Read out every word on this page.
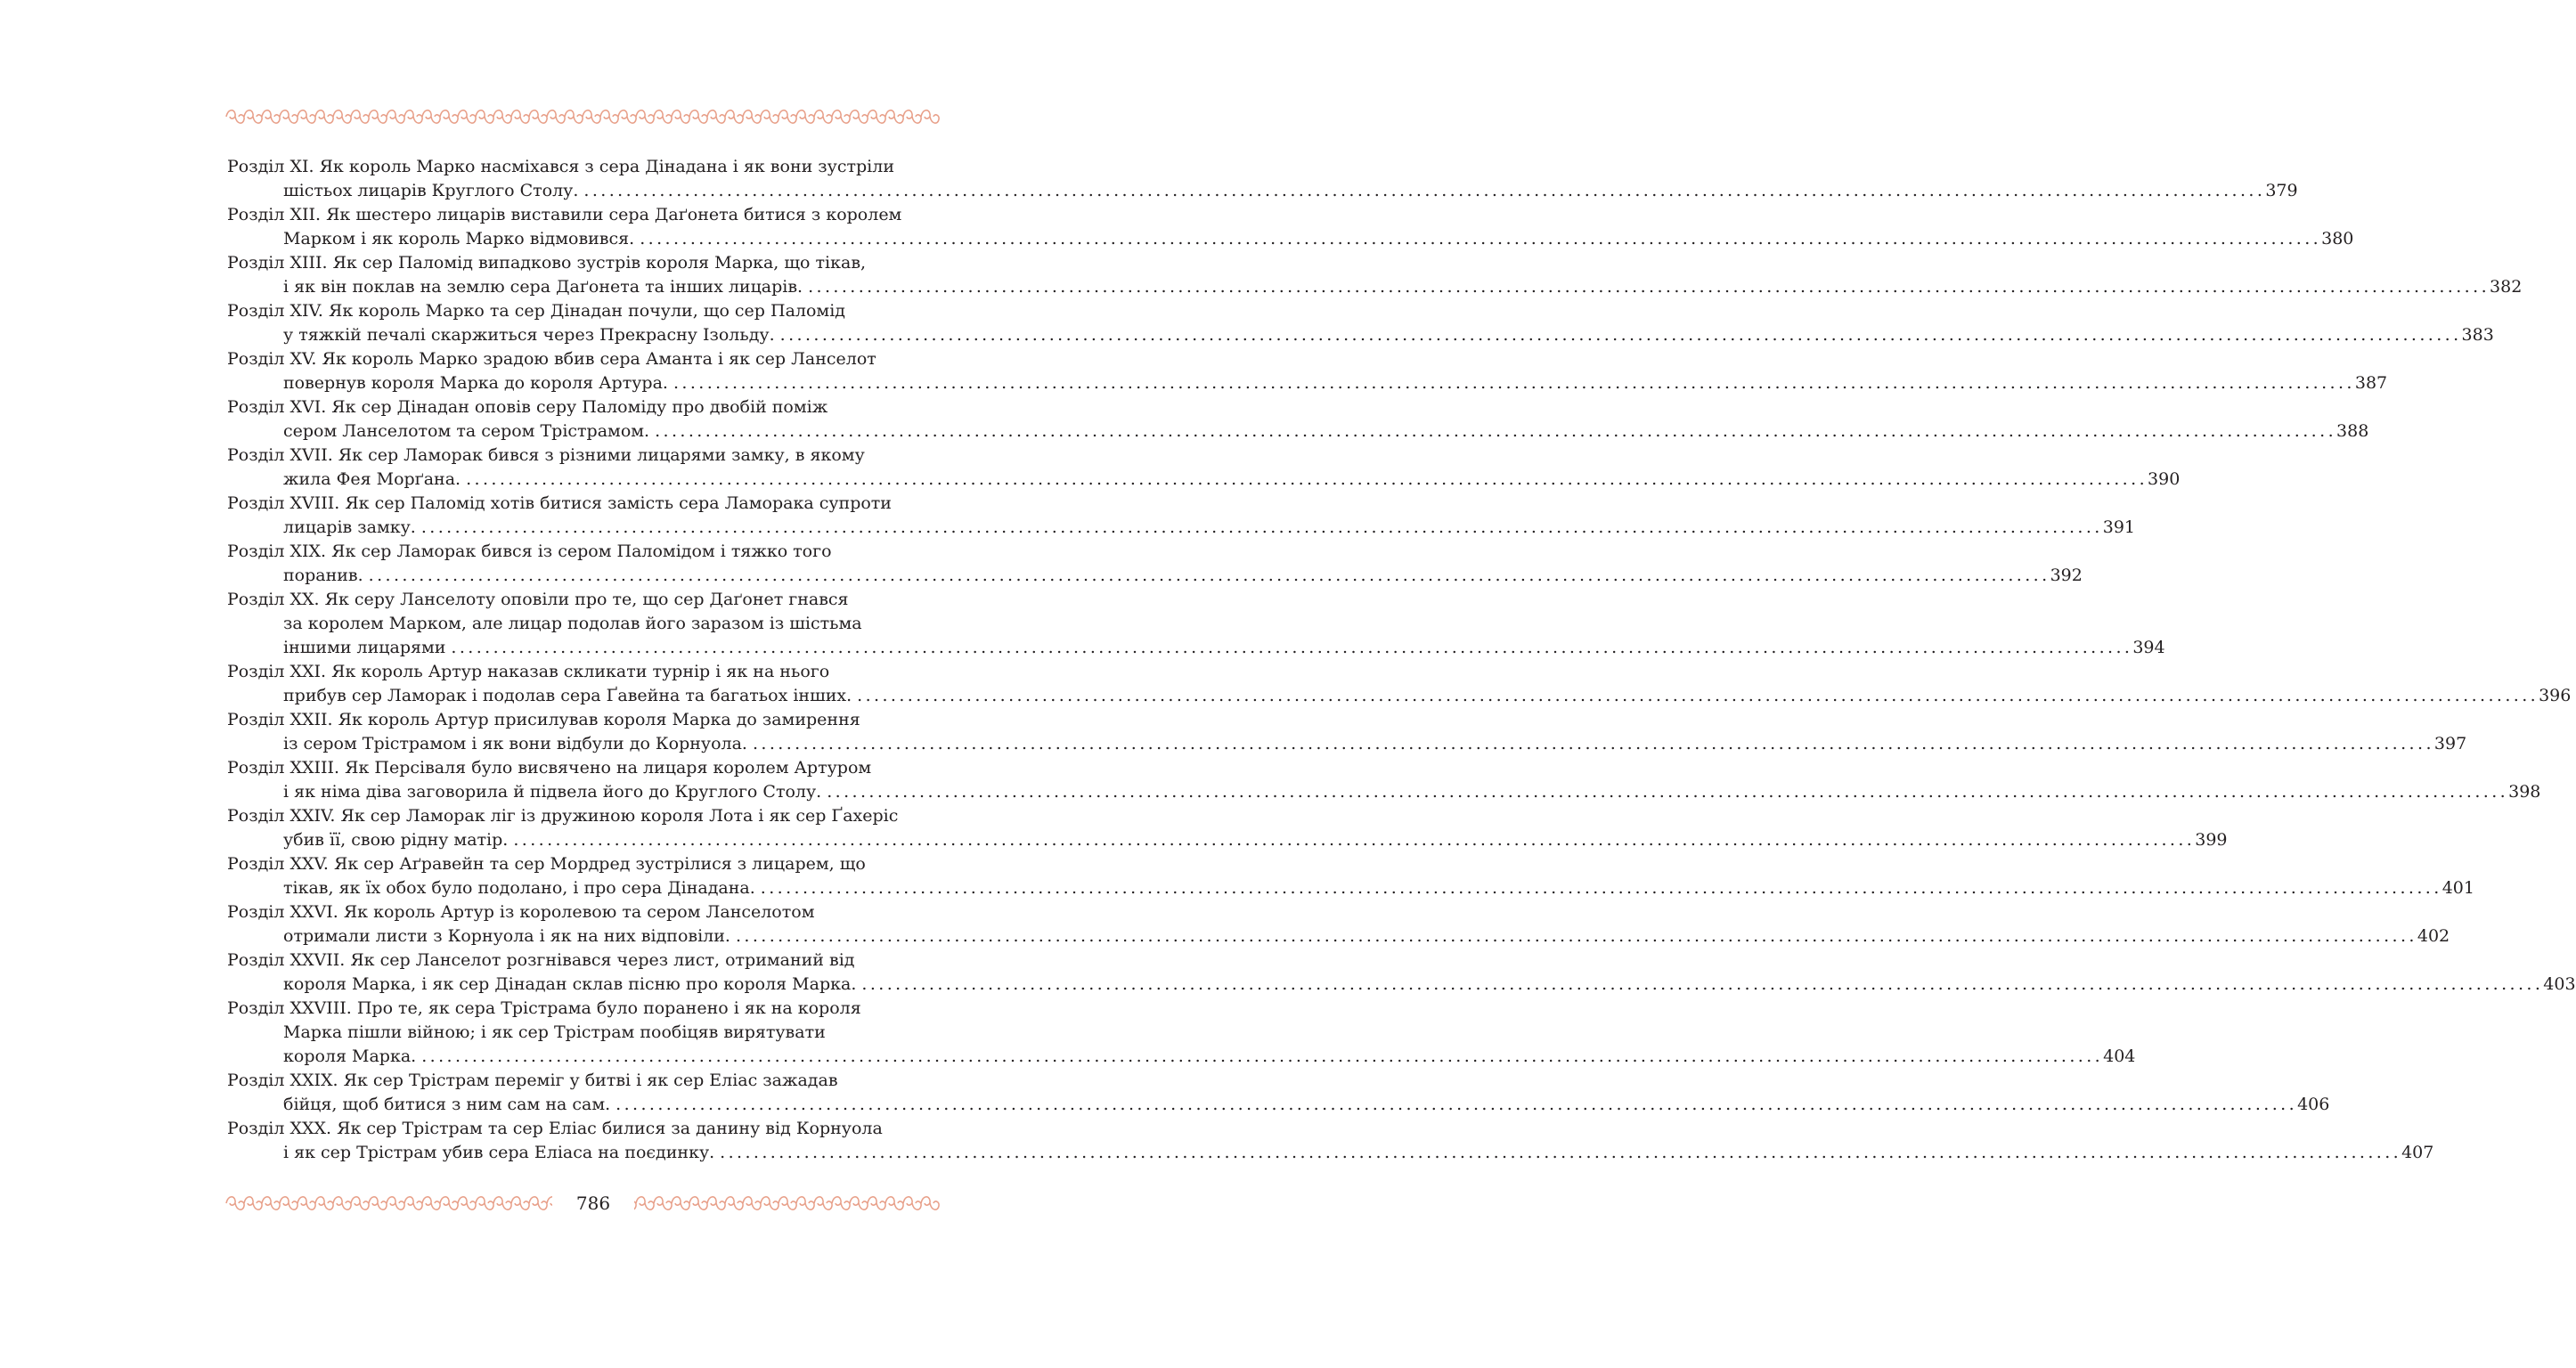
Розділ XI. Як король Марко насміхався з сера Дінадана і як вони зустріли
шістьох лицарів Круглого Столу. ........................................................................................................................................................................................................ 379
Розділ XII. Як шестеро лицарів виставили сера Даґонета битися з королем
Марком і як король Марко відмовився. ........................................................................................................................................................................................................ 380
Розділ XIII. Як сер Паломід випадково зустрів короля Марка, що тікав,
і як він поклав на землю сера Даґонета та інших лицарів. ........................................................................................................................................................................................................ 382
Розділ XIV. Як король Марко та сер Дінадан почули, що сер Паломід
у тяжкій печалі скаржиться через Прекрасну Ізольду. ........................................................................................................................................................................................................ 383
Розділ XV. Як король Марко зрадою вбив сера Аманта і як сер Ланселот
повернув короля Марка до короля Артура. ........................................................................................................................................................................................................ 387
Розділ XVI. Як сер Дінадан оповів серу Паломіду про двобій поміж
сером Ланселотом та сером Трістрамом. ........................................................................................................................................................................................................ 388
Розділ XVII. Як сер Ламорак бився з різними лицарями замку, в якому
жила Фея Морґана. ........................................................................................................................................................................................................ 390
Розділ XVIII. Як сер Паломід хотів битися замість сера Ламорака супроти
лицарів замку. ........................................................................................................................................................................................................ 391
Розділ XIX. Як сер Ламорак бився із сером Паломідом і тяжко того
поранив. ........................................................................................................................................................................................................ 392
Розділ XX. Як серу Ланселоту оповіли про те, що сер Даґонет гнався
за королем Марком, але лицар подолав його заразом із шістьма
іншими лицарями ........................................................................................................................................................................................................ 394
Розділ XXI. Як король Артур наказав скликати турнір і як на нього
прибув сер Ламорак і подолав сера Ґавейна та багатьох інших. ........................................................................................................................................................................................................ 396
Розділ XXII. Як король Артур присилував короля Марка до замирення
із сером Трістрамом і як вони відбули до Корнуола. ........................................................................................................................................................................................................ 397
Розділ XXIII. Як Персіваля було висвячено на лицаря королем Артуром
і як німа діва заговорила й підвела його до Круглого Столу. ........................................................................................................................................................................................................ 398
Розділ XXIV. Як сер Ламорак ліг із дружиною короля Лота і як сер Ґахеріс
убив її, свою рідну матір. ........................................................................................................................................................................................................ 399
Розділ XXV. Як сер Аґравейн та сер Мордред зустрілися з лицарем, що
тікав, як їх обох було подолано, і про сера Дінадана. ........................................................................................................................................................................................................ 401
Розділ XXVI. Як король Артур із королевою та сером Ланселотом
отримали листи з Корнуола і як на них відповіли. ........................................................................................................................................................................................................ 402
Розділ XXVII. Як сер Ланселот розгнівався через лист, отриманий від
короля Марка, і як сер Дінадан склав пісню про короля Марка. ........................................................................................................................................................................................................ 403
Розділ XXVIII. Про те, як сера Трістрама було поранено і як на короля
Марка пішли війною; і як сер Трістрам пообіцяв вирятувати
короля Марка. ........................................................................................................................................................................................................ 404
Розділ XXIX. Як сер Трістрам переміг у битві і як сер Еліас зажадав
бійця, щоб битися з ним сам на сам. ........................................................................................................................................................................................................ 406
Розділ XXX. Як сер Трістрам та сер Еліас билися за данину від Корнуола
і як сер Трістрам убив сера Еліаса на поєдинку. ........................................................................................................................................................................................................ 407
786
